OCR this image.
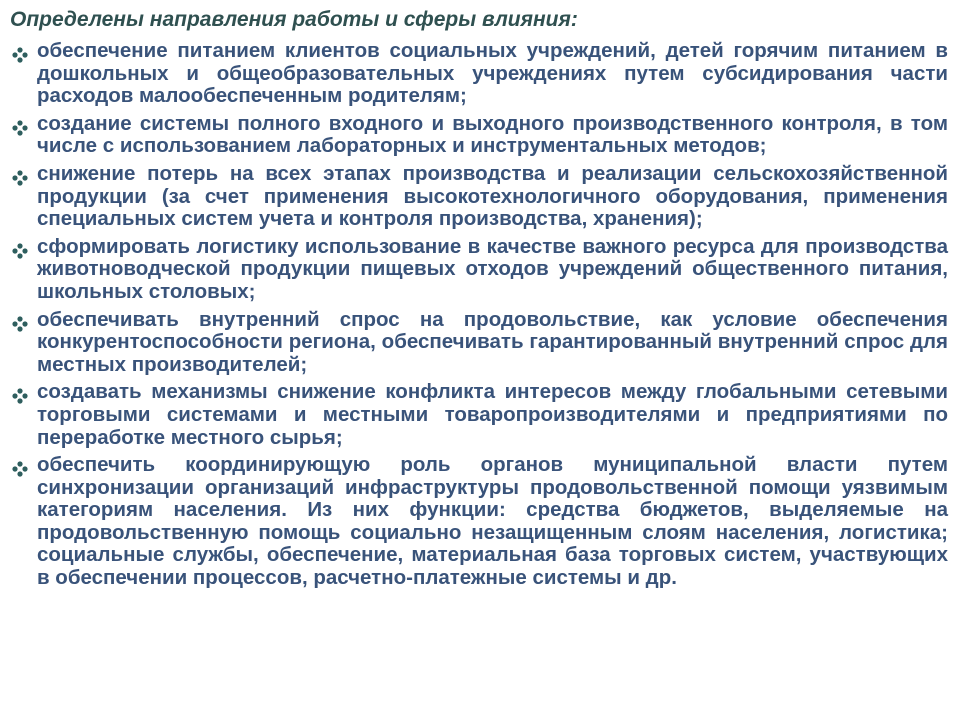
Определены направления работы и сферы влияния:
обеспечение питанием клиентов социальных учреждений, детей горячим питанием в дошкольных и общеобразовательных учреждениях путем субсидирования части расходов малообеспеченным родителям;
создание системы полного входного и выходного производственного контроля, в том числе с использованием лабораторных и инструментальных методов;
снижение потерь на всех этапах производства и реализации сельскохозяйственной продукции (за счет применения высокотехнологичного оборудования, применения специальных систем учета и контроля производства, хранения);
сформировать логистику использование в качестве важного ресурса для производства животноводческой продукции пищевых отходов учреждений общественного питания, школьных столовых;
обеспечивать внутренний спрос на продовольствие, как условие обеспечения конкурентоспособности региона, обеспечивать гарантированный внутренний спрос для местных производителей;
создавать механизмы снижение конфликта интересов между глобальными сетевыми торговыми системами и местными товаропроизводителями и предприятиями по переработке местного сырья;
обеспечить координирующую роль органов муниципальной власти путем синхронизации организаций инфраструктуры продовольственной помощи уязвимым категориям населения. Из них функции: средства бюджетов, выделяемые на продовольственную помощь социально незащищенным слоям населения, логистика; социальные службы, обеспечение, материальная база торговых систем, участвующих в обеспечении процессов, расчетно-платежные системы и др.
